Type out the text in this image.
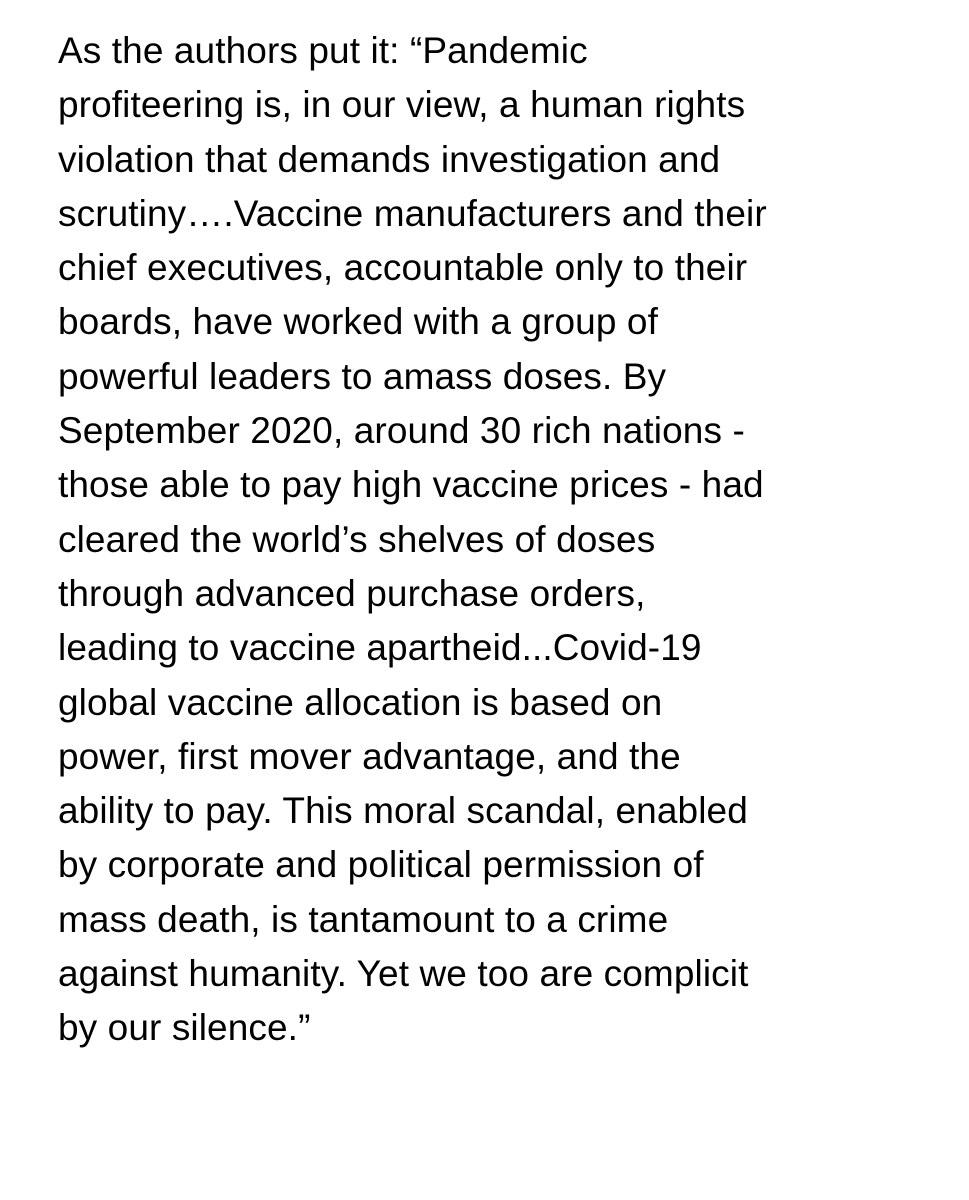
As the authors put it: “Pandemic
profiteering is, in our view, a human rights
violation that demands investigation and
scrutiny….Vaccine manufacturers and their
chief executives, accountable only to their
boards, have worked with a group of
powerful leaders to amass doses. By
September 2020, around 30 rich nations -
those able to pay high vaccine prices - had
cleared the world’s shelves of doses
through advanced purchase orders,
leading to vaccine apartheid...Covid-19
global vaccine allocation is based on
power, first mover advantage, and the
ability to pay. This moral scandal, enabled
by corporate and political permission of
mass death, is tantamount to a crime
against humanity. Yet we too are complicit
by our silence.”
